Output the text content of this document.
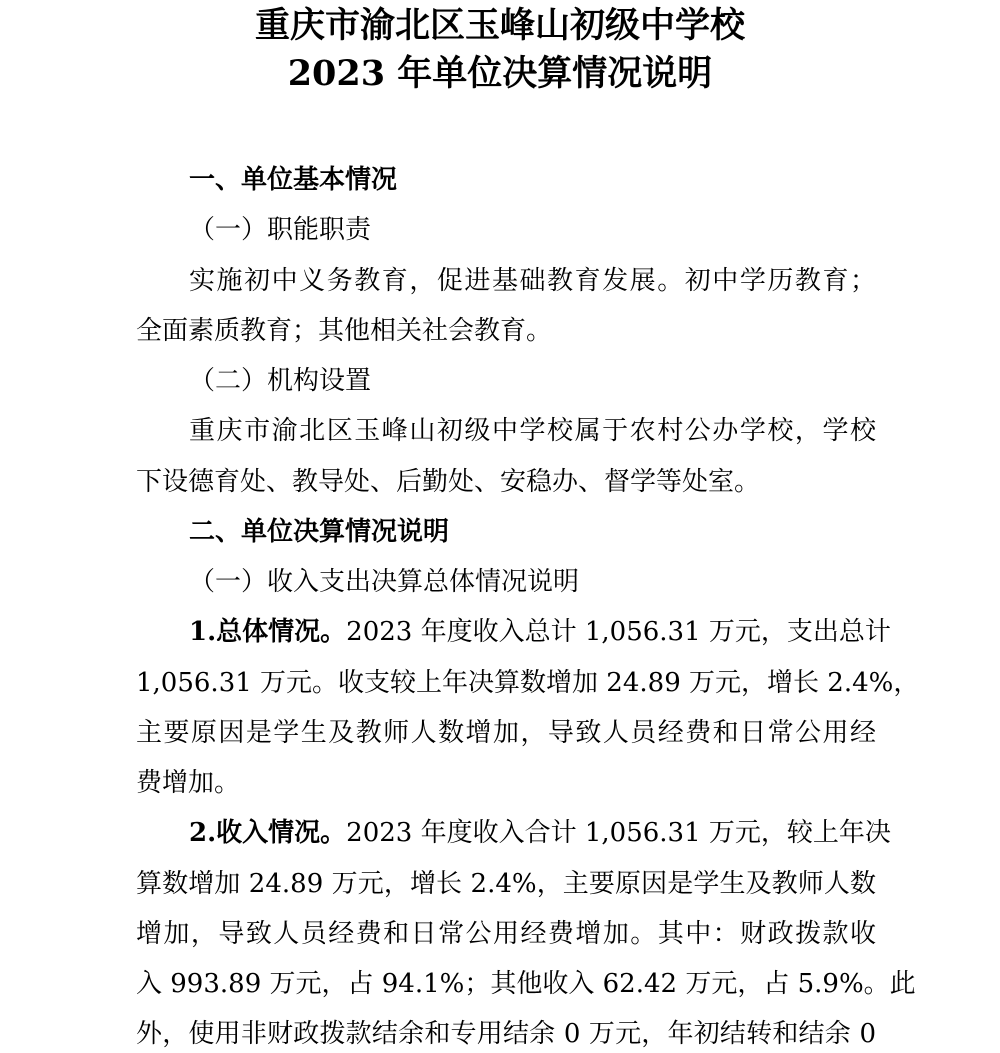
重庆市渝北区玉峰山初级中学校
2023 年单位决算情况说明
一、单位基本情况
（一）职能职责
实施初中义务教育，促进基础教育发展。初中学历教育；
全面素质教育；其他相关社会教育。
（二）机构设置
重庆市渝北区玉峰山初级中学校属于农村公办学校，学校
下设德育处、教导处、后勤处、安稳办、督学等处室。
二、单位决算情况说明
（一）收入支出决算总体情况说明
1.总体情况。 2023 年度收入总计 1,056.31 万元，支出总计
1,056.31 万元。收支较上年决算数增加 24.89 万元，增长 2.4%，
主要原因是学生及教师人数增加，导致人员经费和日常公用经
费增加。
2.收入情况。 2023 年度收入合计 1,056.31 万元，较上年决
算数增加 24.89 万元，增长 2.4%，主要原因是学生及教师人数
增加，导致人员经费和日常公用经费增加。其中：财政拨款收
入 993.89 万元，占 94.1%；其他收入 62.42 万元，占 5.9%。此
外，使用非财政拨款结余和专用结余 0 万元，年初结转和结余 0
